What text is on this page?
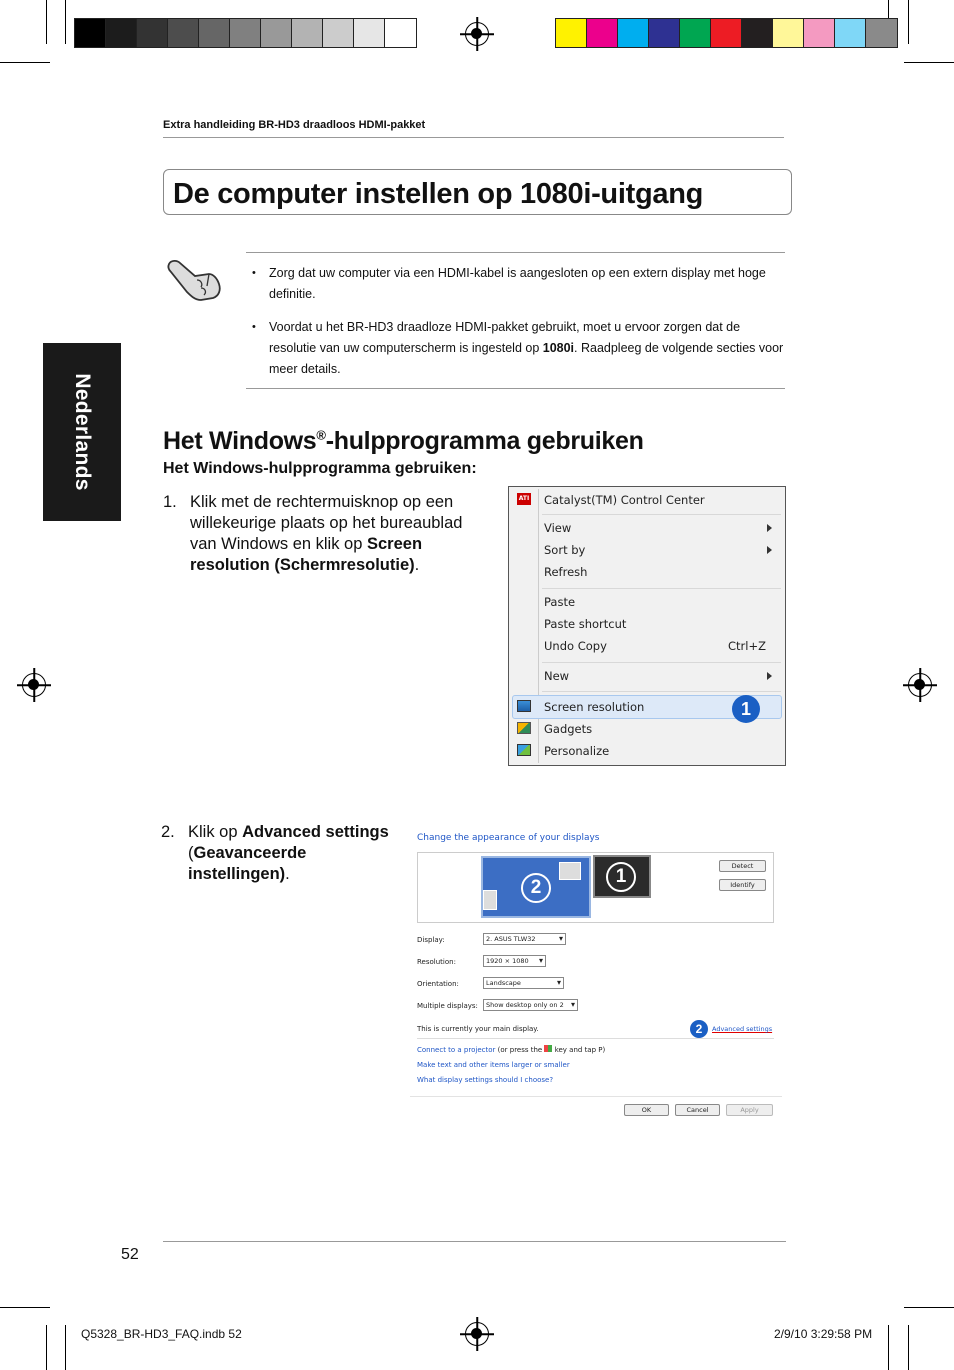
Extra handleiding BR-HD3 draadloos HDMI-pakket
De computer instellen op 1080i-uitgang
Nederlands
• Zorg dat uw computer via een HDMI-kabel is aangesloten op een extern display met hoge definitie.
• Voordat u het BR-HD3 draadloze HDMI-pakket gebruikt, moet u ervoor zorgen dat de resolutie van uw computerscherm is ingesteld op 1080i. Raadpleeg de volgende secties voor meer details.
Het Windows®-hulpprogramma gebruiken
Het Windows-hulpprogramma gebruiken:
1. Klik met de rechtermuisknop op een willekeurige plaats op het bureaublad van Windows en klik op Screen resolution (Schermresolutie).
ATI Catalyst(TM) Control Center
View
Sort by
Refresh
Paste
Paste shortcut
Undo Copy	Ctrl+Z
New
Screen resolution	1
Gadgets
Personalize
2. Klik op Advanced settings (Geavanceerde instellingen).
Change the appearance of your displays
2
1	Detect
Identify
Display:	2. ASUS TLW32 ▾
Resolution:	1920 × 1080 ▾
Orientation:	Landscape ▾
Multiple displays:	Show desktop only on 2 ▾
This is currently your main display.	2	Advanced settings
Connect to a projector (or press the  key and tap P)
Make text and other items larger or smaller
What display settings should I choose?
OK	Cancel	Apply
52
Q5328_BR-HD3_FAQ.indb 52	2/9/10 3:29:58 PM
